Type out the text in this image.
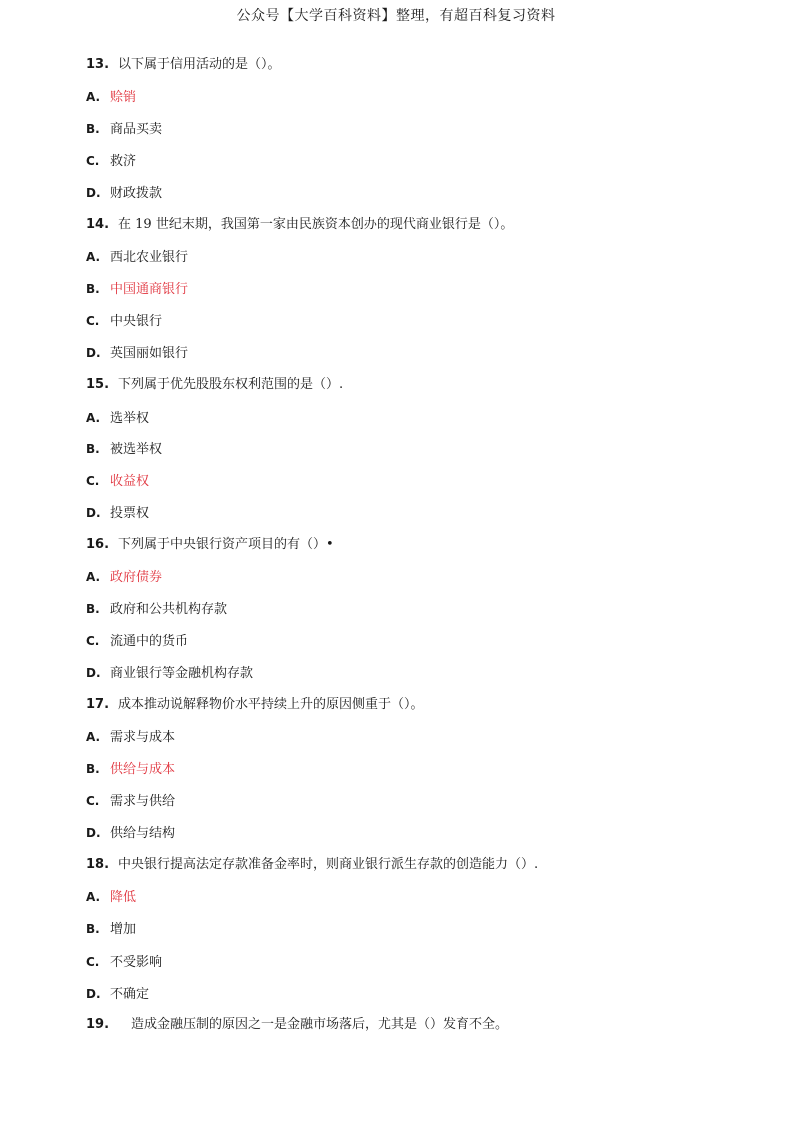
公众号【大学百科资料】整理，有超百科复习资料
13. 以下属于信用活动的是（）。
A. 赊销
B. 商品买卖
C. 救济
D. 财政拨款
14. 在 19 世纪末期，我国第一家由民族资本创办的现代商业银行是（）。
A. 西北农业银行
B. 中国通商银行
C. 中央银行
D. 英国丽如银行
15. 下列属于优先股股东权利范围的是（）.
A. 选举权
B. 被选举权
C. 收益权
D. 投票权
16. 下列属于中央银行资产项目的有（）•
A. 政府债券
B. 政府和公共机构存款
C. 流通中的货币
D. 商业银行等金融机构存款
17. 成本推动说解释物价水平持续上升的原因侧重于（）。
A. 需求与成本
B. 供给与成本
C. 需求与供给
D. 供给与结构
18. 中央银行提高法定存款准备金率时，则商业银行派生存款的创造能力（）.
A. 降低
B. 增加
C. 不受影响
D. 不确定
19. 造成金融压制的原因之一是金融市场落后，尤其是（）发育不全。
